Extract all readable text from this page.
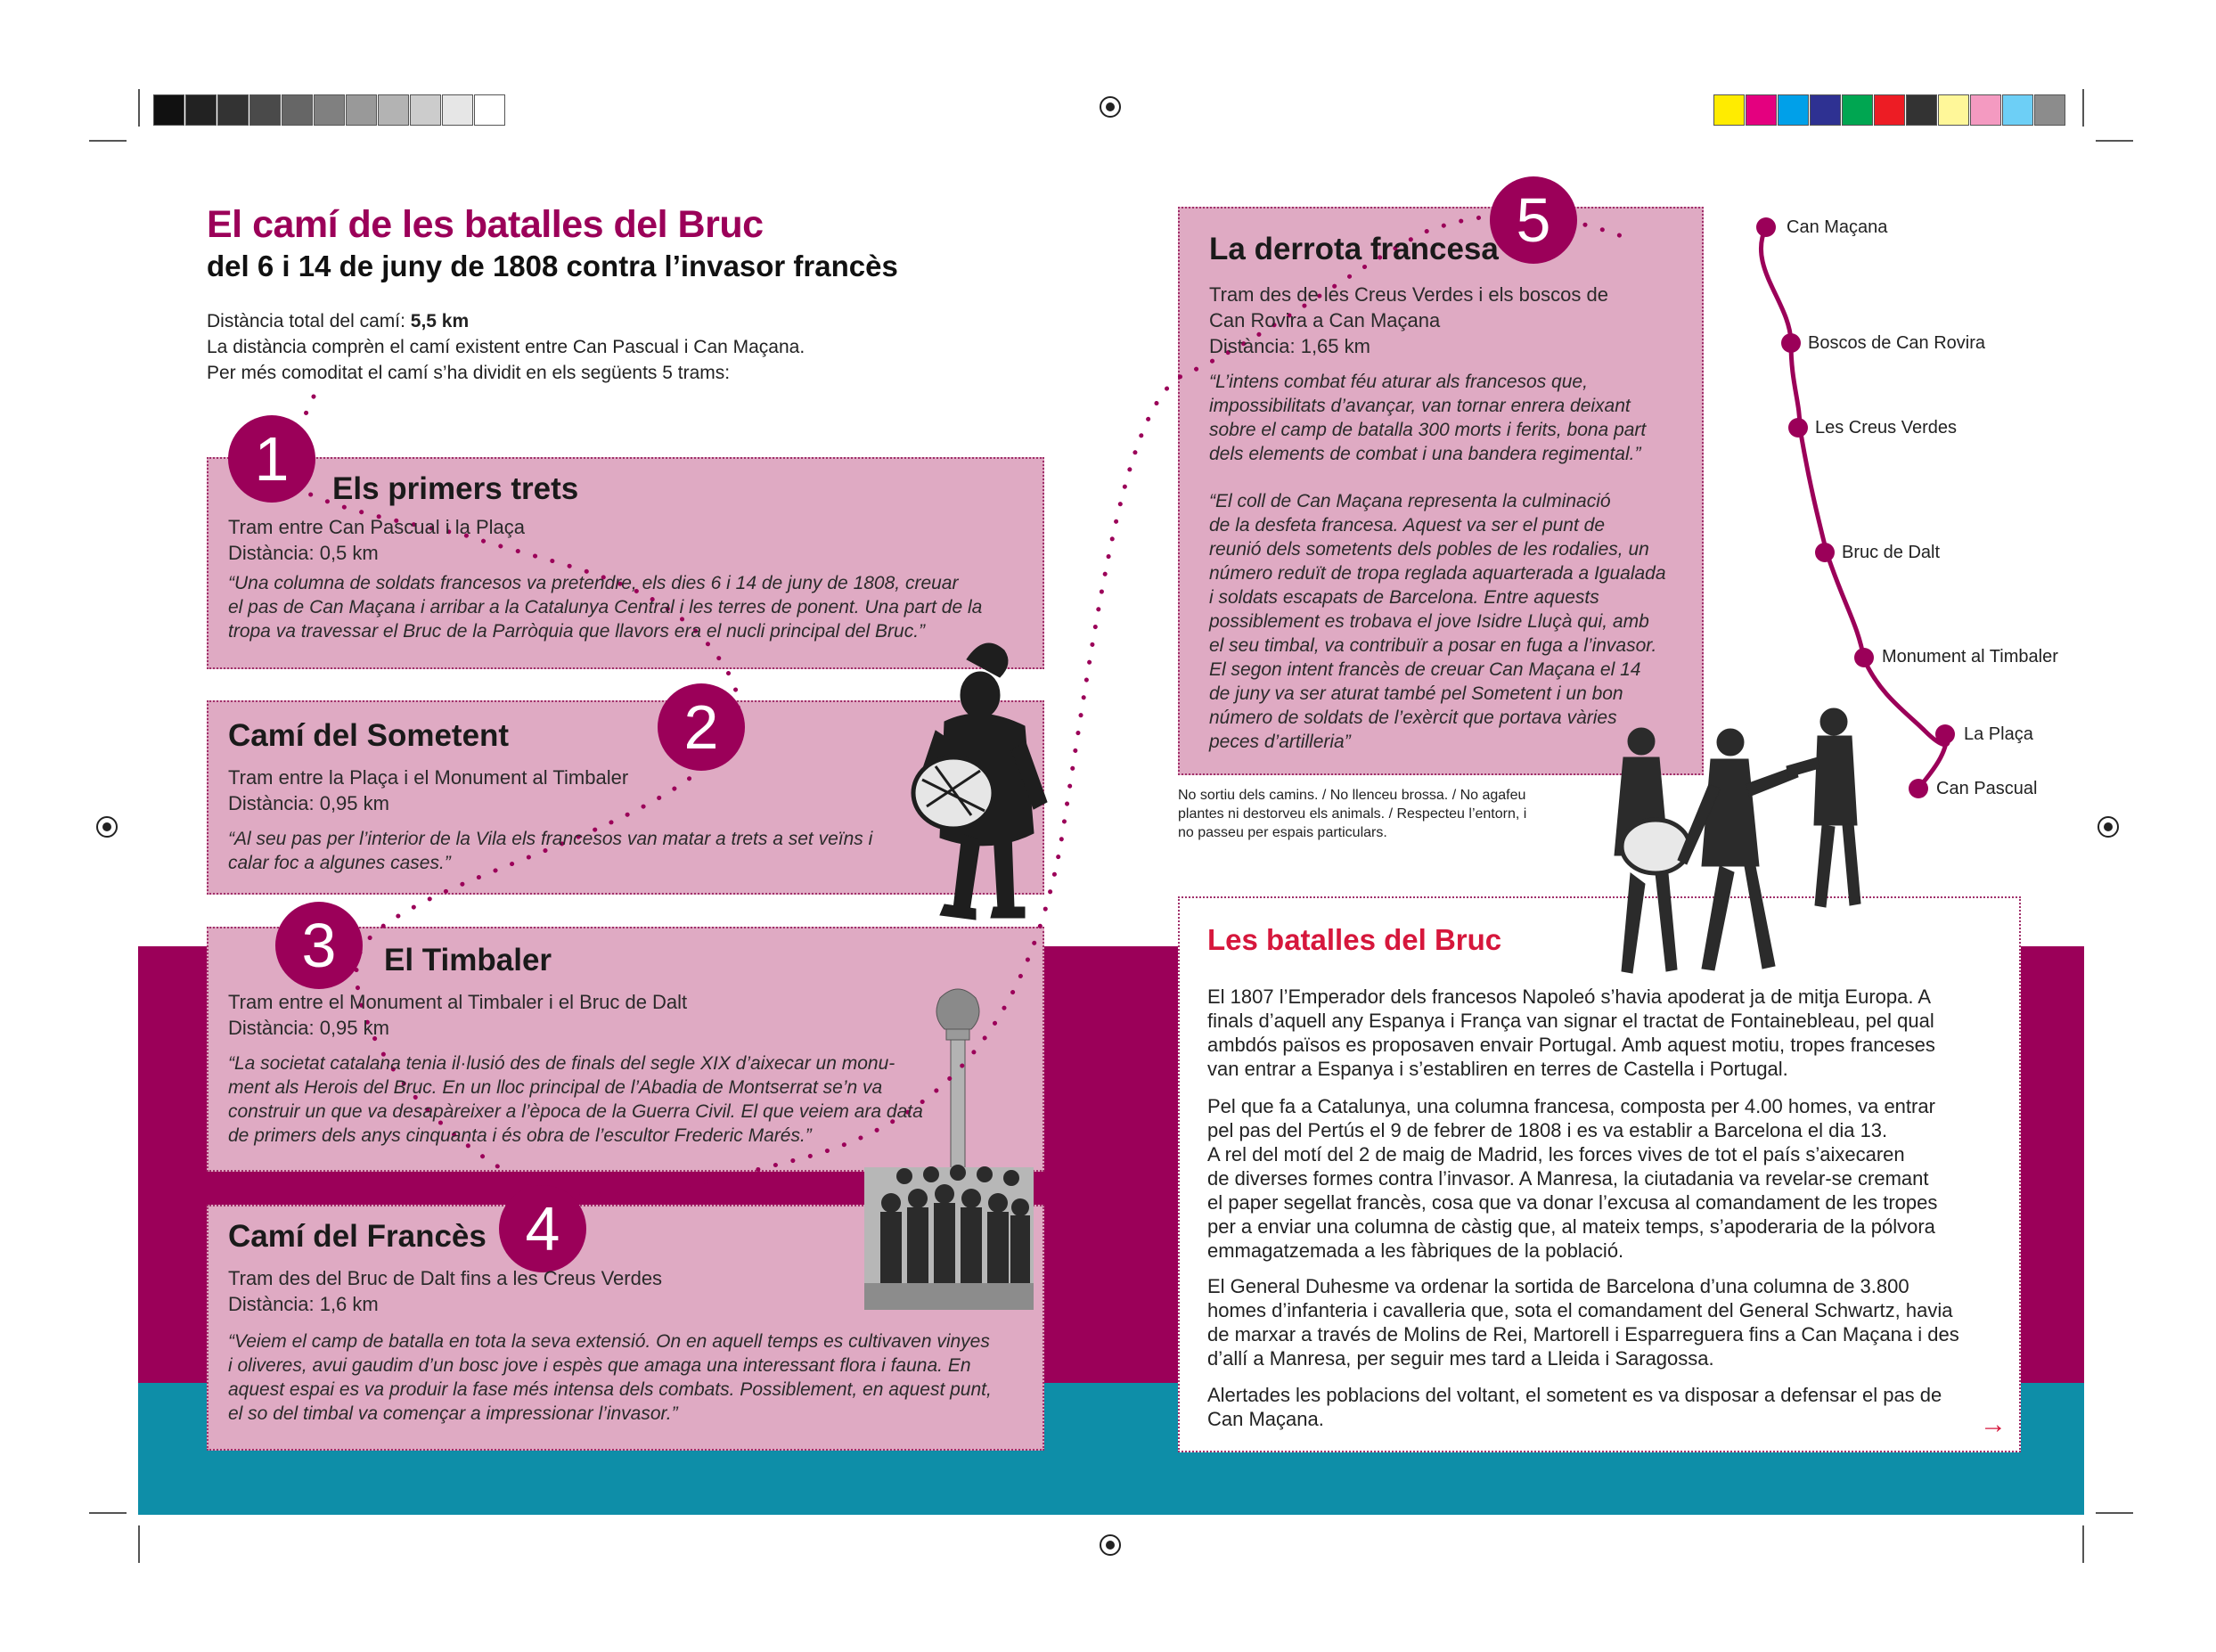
El camí de les batalles del Bruc
del 6 i 14 de juny de 1808 contra l’invasor francès
Distància total del camí: 5,5 km
La distància comprèn el camí existent entre Can Pascual i Can Maçana.
Per més comoditat el camí s’ha dividit en els següents 5 trams:
1	Els primers trets
Tram entre Can Pascual i la Plaça
Distància: 0,5 km
“Una columna de soldats francesos va pretendre, els dies 6 i 14 de juny de 1808, creuar
el pas de Can Maçana i arribar a la Catalunya Central i les terres de ponent. Una part de la
tropa va travessar el Bruc de la Parròquia que llavors era el nucli principal del Bruc.”
2
Camí del Sometent
Tram entre la Plaça i el Monument al Timbaler
Distància: 0,95 km
“Al seu pas per l’interior de la Vila els francesos van matar a trets a set veïns i
calar foc a algunes cases.”
3	El Timbaler
Tram entre el Monument al Timbaler i el Bruc de Dalt
Distància: 0,95 km
“La societat catalana tenia il·lusió des de finals del segle XIX d’aixecar un monu-
ment als Herois del Bruc. En un lloc principal de l’Abadia de Montserrat se’n va
construir un que va desapàreixer a l’època de la Guerra Civil. El que veiem ara data
de primers dels anys cinquanta i és obra de l’escultor Frederic Marés.”
4
Camí del Francès
Tram des del Bruc de Dalt fins a les Creus Verdes
Distància: 1,6 km
“Veiem el camp de batalla en tota la seva extensió. On en aquell temps es cultivaven vinyes
i oliveres, avui gaudim d’un bosc jove i espès que amaga una interessant flora i fauna. En
aquest espai es va produir la fase més intensa dels combats. Possiblement, en aquest punt,
el so del timbal va començar a impressionar l’invasor.”
5
La derrota francesa
Tram des de les Creus Verdes i els boscos de
Can Rovira a Can Maçana
Distància: 1,65 km
“L’intens combat féu aturar als francesos que,
impossibilitats d’avançar, van tornar enrera deixant
sobre el camp de batalla 300 morts i ferits, bona part
dels elements de combat i una bandera regimental.”
“El coll de Can Maçana representa la culminació
de la desfeta francesa. Aquest va ser el punt de
reunió dels sometents dels pobles de les rodalies, un
número reduït de tropa reglada aquarterada a Igualada
i soldats escapats de Barcelona. Entre aquests
possiblement es trobava el jove Isidre Lluçà qui, amb
el seu timbal, va contribuïr a posar en fuga a l’invasor.
El segon intent francès de creuar Can Maçana el 14
de juny va ser aturat també pel Sometent i un bon
número de soldats de l’exèrcit que portava vàries
peces d’artilleria”
No sortiu dels camins. / No llenceu brossa. / No agafeu
plantes ni destorveu els animals. / Respecteu l’entorn, i
no passeu per espais particulars.
Can Maçana
Boscos de Can Rovira
Les Creus Verdes
Bruc de Dalt
Monument al Timbaler
La Plaça
Can Pascual
Les batalles del Bruc
El 1807 l’Emperador dels francesos Napoleó s’havia apoderat ja de mitja Europa. A
finals d’aquell any Espanya i França van signar el tractat de Fontainebleau, pel qual
ambdós països es proposaven envair Portugal. Amb aquest motiu, tropes franceses
van entrar a Espanya i s’establiren en terres de Castella i Portugal.
Pel que fa a Catalunya, una columna francesa, composta per 4.00 homes, va entrar
pel pas del Pertús el 9 de febrer de 1808 i es va establir a Barcelona el dia 13.
A rel del motí del 2 de maig de Madrid, les forces vives de tot el país s’aixecaren
de diverses formes contra l’invasor. A Manresa, la ciutadania va revelar-se cremant
el paper segellat francès, cosa que va donar l’excusa al comandament de les tropes
per a enviar una columna de càstig que, al mateix temps, s’apoderaria de la pólvora
emmagatzemada a les fàbriques de la població.
El General Duhesme va ordenar la sortida de Barcelona d’una columna de 3.800
homes d’infanteria i cavalleria que, sota el comandament del General Schwartz, havia
de marxar a través de Molins de Rei, Martorell i Esparreguera fins a Can Maçana i des
d’allí a Manresa, per seguir mes tard a Lleida i Saragossa.
Alertades les poblacions del voltant, el sometent es va disposar a defensar el pas de
Can Maçana.	→
